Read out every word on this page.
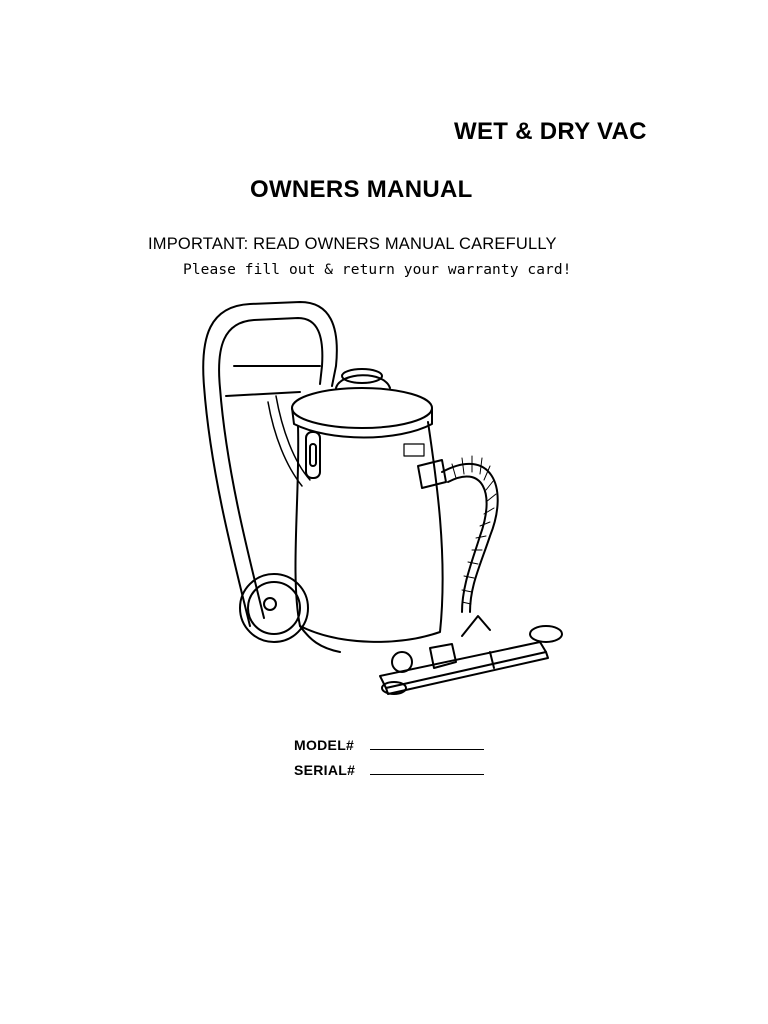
WET & DRY VAC
OWNERS MANUAL
IMPORTANT: READ OWNERS MANUAL CAREFULLY
Please fill out & return your warranty card!
MODEL#
SERIAL#
